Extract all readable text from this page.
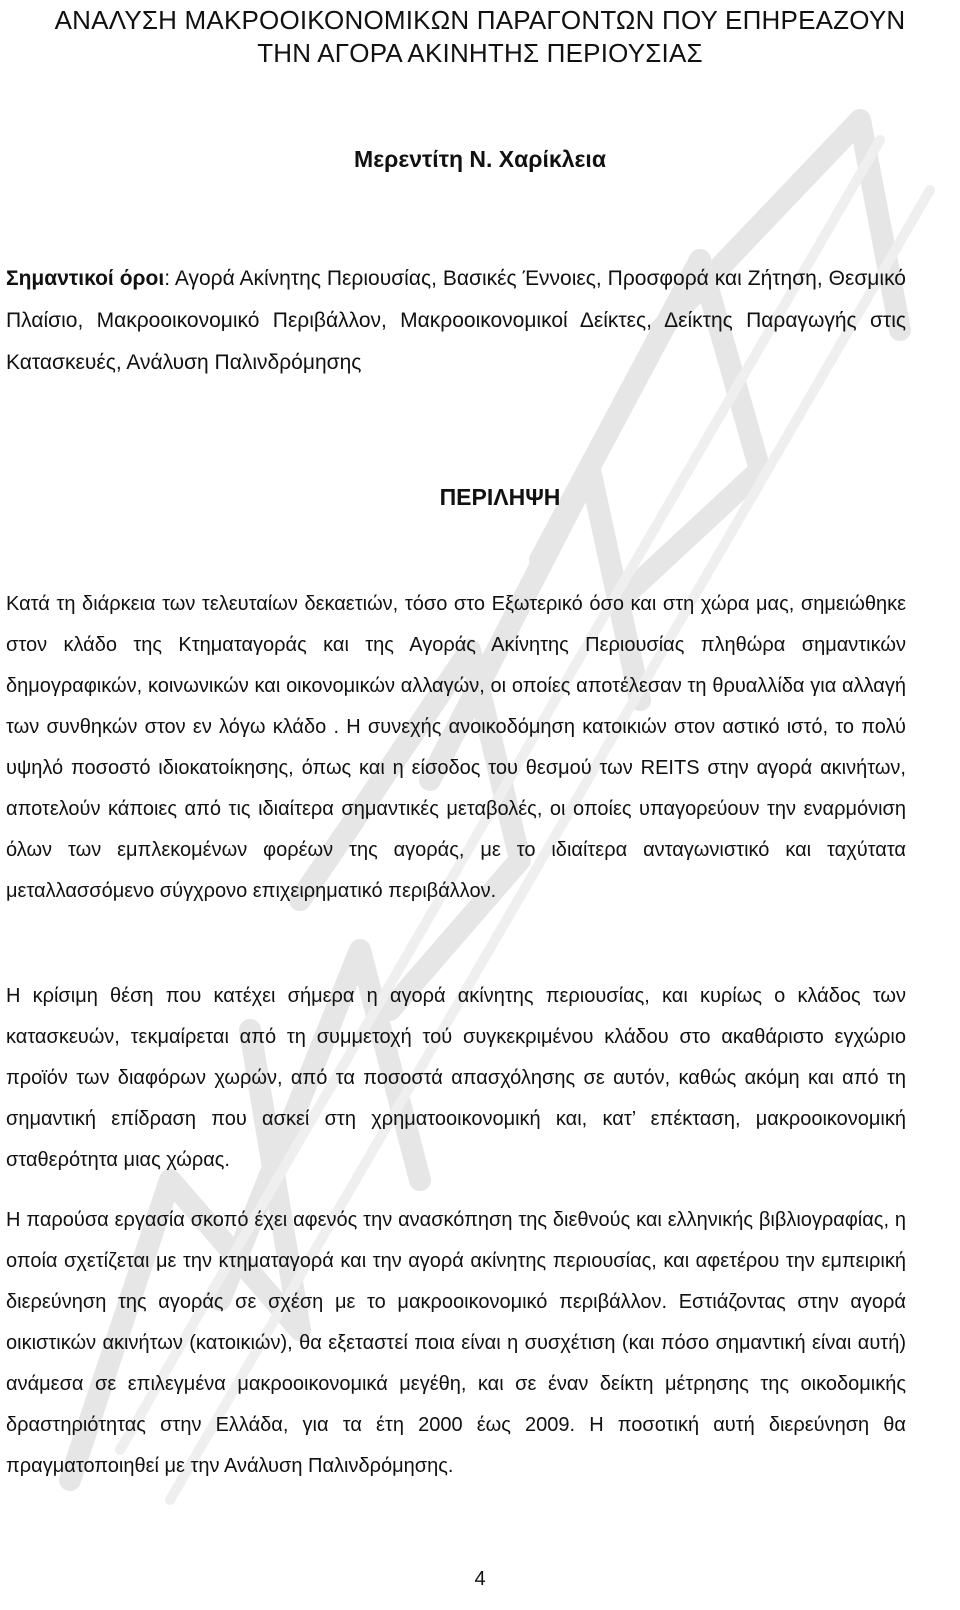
ΑΝΑΛΥΣΗ ΜΑΚΡΟΟΙΚΟΝΟΜΙΚΩΝ ΠΑΡΑΓΟΝΤΩΝ ΠΟΥ ΕΠΗΡΕΑΖΟΥΝ
ΤΗΝ ΑΓΟΡΑ ΑΚΙΝΗΤΗΣ ΠΕΡΙΟΥΣΙΑΣ
Μερεντίτη Ν. Χαρίκλεια
Σημαντικοί όροι: Αγορά Ακίνητης Περιουσίας, Βασικές Έννοιες, Προσφορά και Ζήτηση, Θεσμικό Πλαίσιο, Μακροοικονομικό Περιβάλλον, Μακροοικονομικοί Δείκτες, Δείκτης Παραγωγής στις Κατασκευές, Ανάλυση Παλινδρόμησης
ΠΕΡΙΛΗΨΗ

Κατά τη διάρκεια των τελευταίων δεκαετιών, τόσο στο Εξωτερικό όσο και στη χώρα μας, σημειώθηκε στον κλάδο της Κτηματαγοράς και της Αγοράς Ακίνητης Περιουσίας πληθώρα σημαντικών δημογραφικών, κοινωνικών και οικονομικών αλλαγών, οι οποίες αποτέλεσαν τη θρυαλλίδα για αλλαγή των συνθηκών στον εν λόγω κλάδο . Η συνεχής ανοικοδόμηση κατοικιών στον αστικό ιστό, το πολύ υψηλό ποσοστό ιδιοκατοίκησης, όπως και η είσοδος του θεσμού των REITS στην αγορά ακινήτων, αποτελούν κάποιες από τις ιδιαίτερα σημαντικές μεταβολές, οι οποίες υπαγορεύουν την εναρμόνιση όλων των εμπλεκομένων φορέων της αγοράς, με το ιδιαίτερα ανταγωνιστικό και ταχύτατα μεταλλασσόμενο σύγχρονο επιχειρηματικό περιβάλλον.

Η κρίσιμη θέση που κατέχει σήμερα η αγορά ακίνητης περιουσίας, και κυρίως ο κλάδος των κατασκευών, τεκμαίρεται από τη συμμετοχή τού συγκεκριμένου κλάδου στο ακαθάριστο εγχώριο προϊόν των διαφόρων χωρών, από τα ποσοστά απασχόλησης σε αυτόν, καθώς ακόμη και από τη σημαντική επίδραση που ασκεί στη χρηματοοικονομική και, κατ’ επέκταση, μακροοικονομική σταθερότητα μιας χώρας.

Η παρούσα εργασία σκοπό έχει αφενός την ανασκόπηση της διεθνούς και ελληνικής βιβλιογραφίας, η οποία σχετίζεται με την κτηματαγορά και την αγορά ακίνητης περιουσίας, και αφετέρου την εμπειρική διερεύνηση της αγοράς σε σχέση με το μακροοικονομικό περιβάλλον. Εστιάζοντας στην αγορά οικιστικών ακινήτων (κατοικιών), θα εξεταστεί ποια είναι η συσχέτιση (και πόσο σημαντική είναι αυτή) ανάμεσα σε επιλεγμένα μακροοικονομικά μεγέθη, και σε έναν δείκτη μέτρησης της οικοδομικής δραστηριότητας στην Ελλάδα, για τα έτη 2000 έως 2009. Η ποσοτική αυτή διερεύνηση θα πραγματοποιηθεί με την Ανάλυση Παλινδρόμησης.

4
